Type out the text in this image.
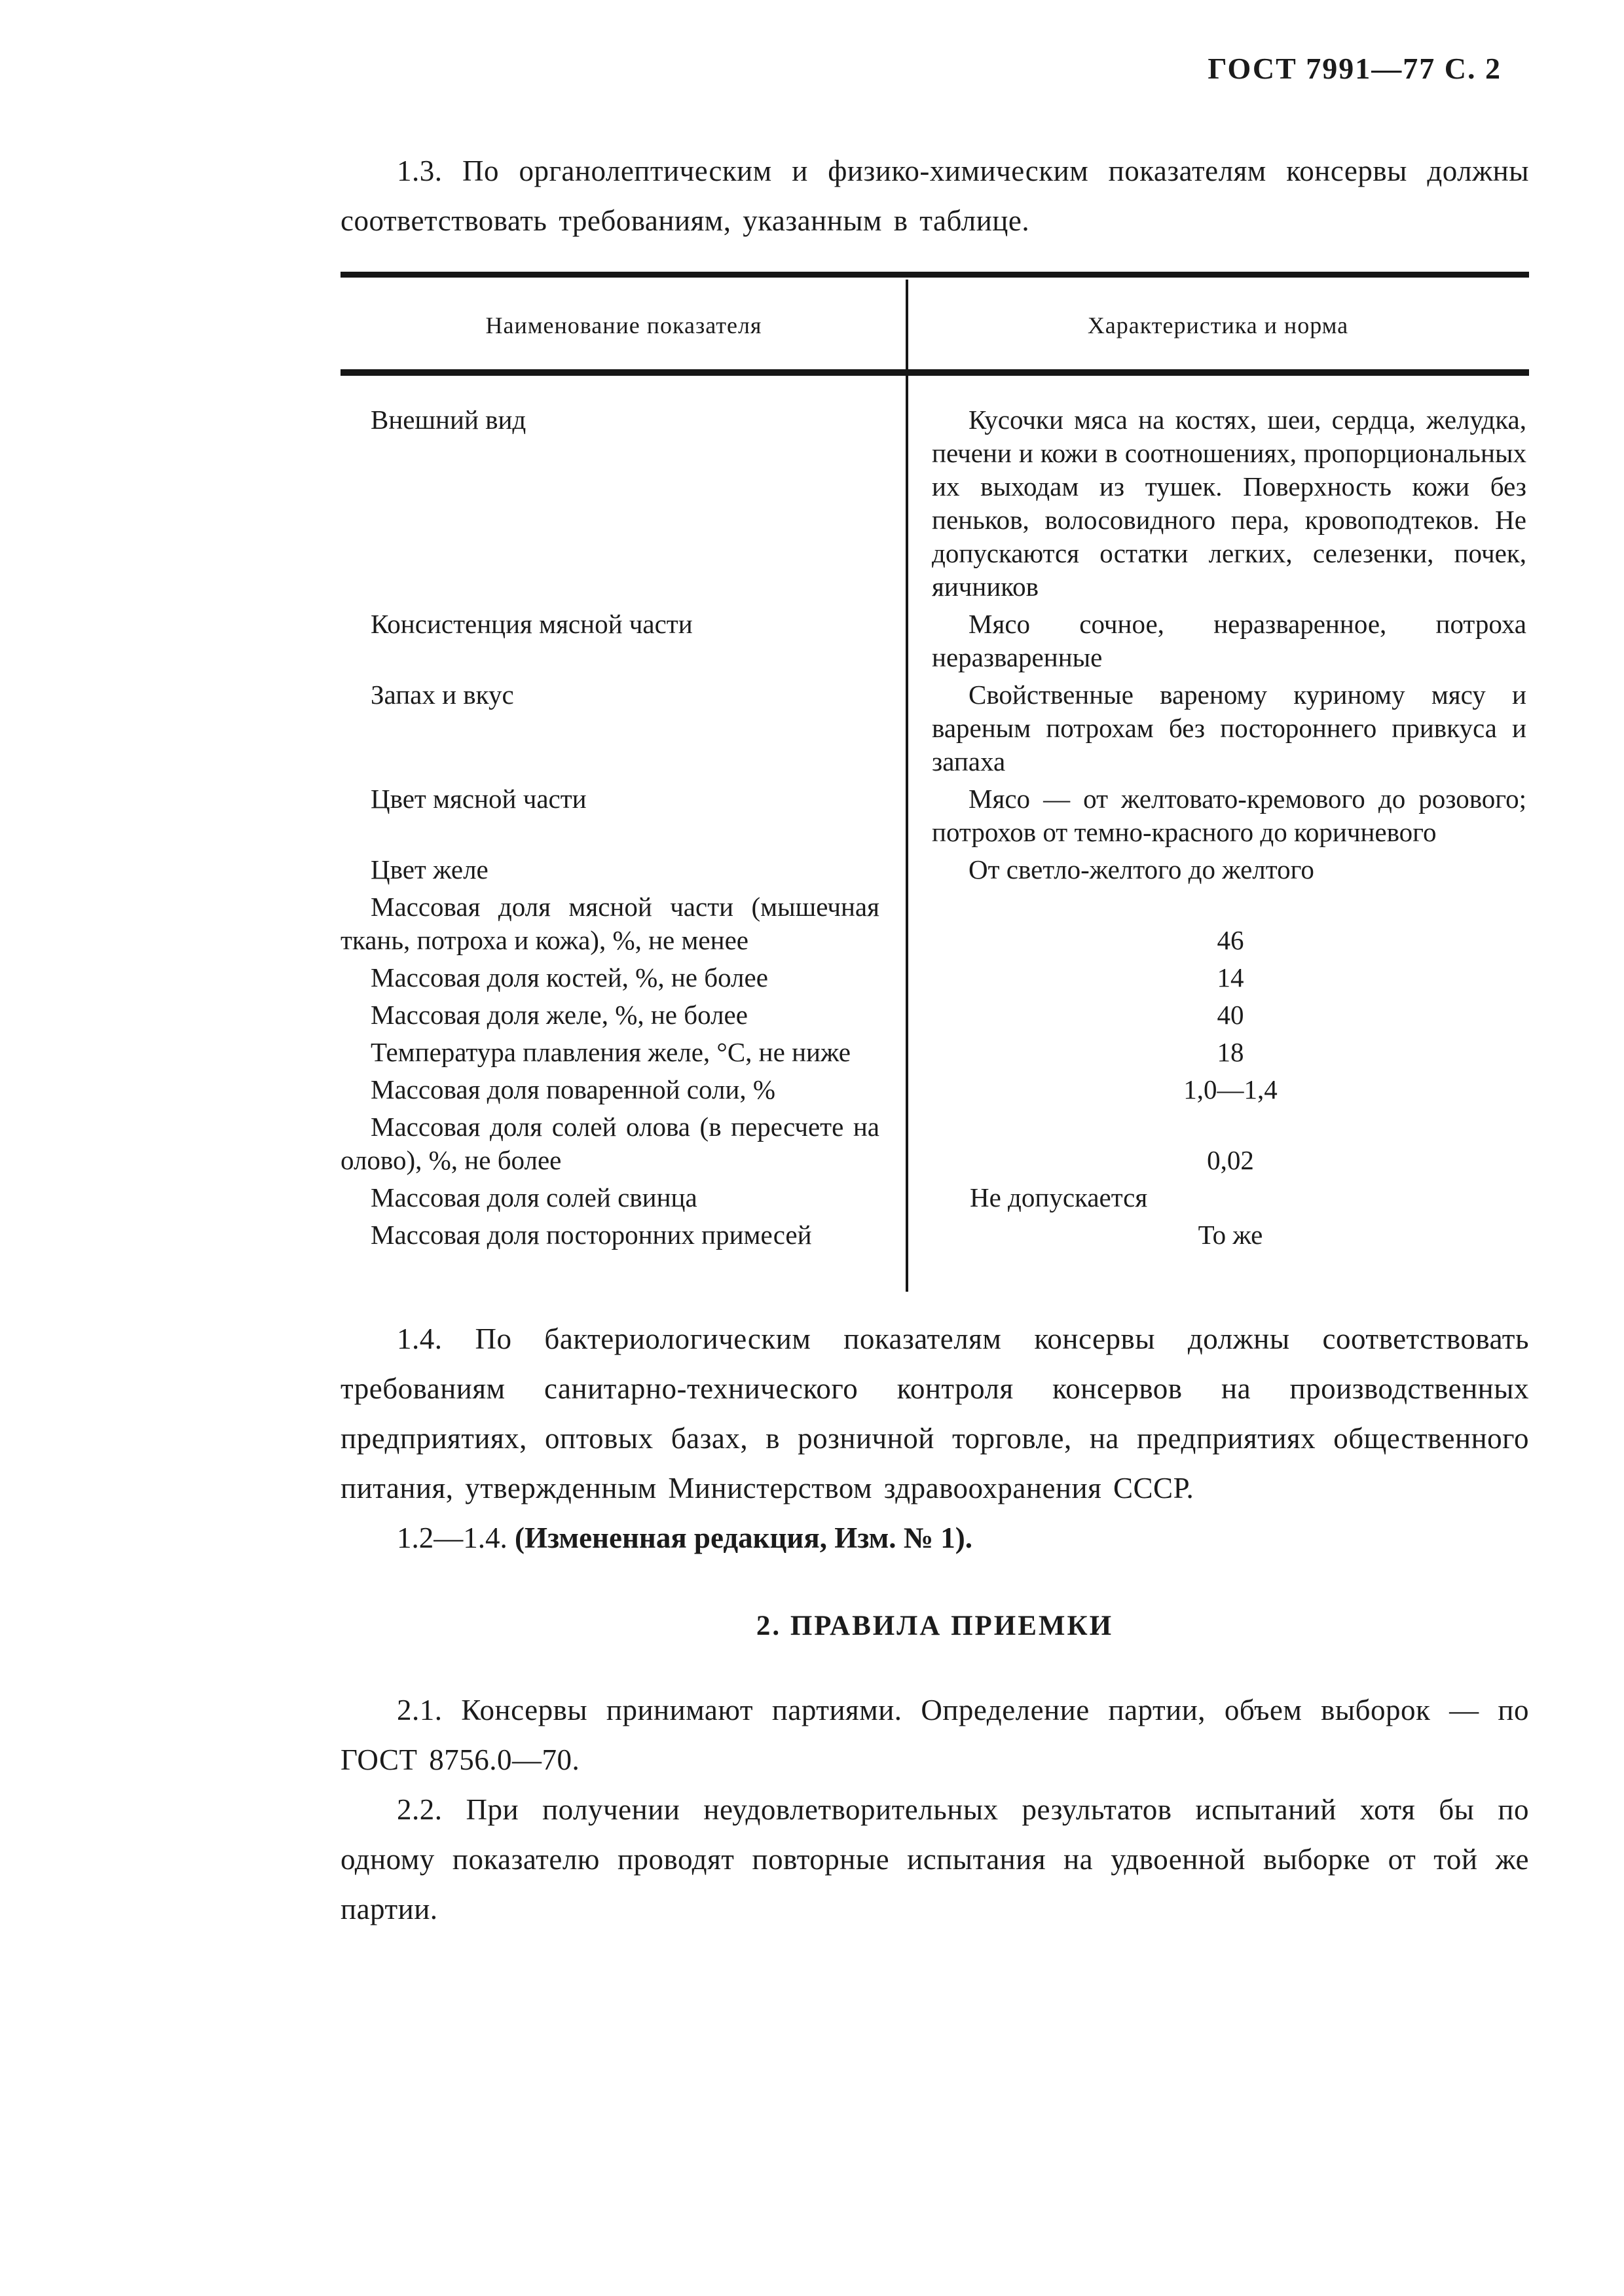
ГОСТ 7991—77 С. 2

1.3. По органолептическим и физико-химическим показателям консервы должны соответствовать требованиям, указанным в таблице.

Наименование показателя	Характеристика и норма
Внешний вид	Кусочки мяса на костях, шеи, сердца, желудка, печени и кожи в соотношениях, пропорциональных их выходам из тушек. Поверхность кожи без пеньков, волосовидного пера, кровоподтеков. Не допускаются остатки легких, селезенки, почек, яичников
Консистенция мясной части	Мясо сочное, неразваренное, потроха неразваренные
Запах и вкус	Свойственные вареному куриному мясу и вареным потрохам без постороннего привкуса и запаха
Цвет мясной части	Мясо — от желтовато-кремового до розового; потрохов от темно-красного до коричневого
Цвет желе	От светло-желтого до желтого
Массовая доля мясной части (мышечная ткань, потроха и кожа), %, не менее	46
Массовая доля костей, %, не более	14
Массовая доля желе, %, не более	40
Температура плавления желе, °С, не ниже	18
Массовая доля поваренной соли, %	1,0—1,4
Массовая доля солей олова (в пересчете на олово), %, не более	0,02
Массовая доля солей свинца	Не допускается
Массовая доля посторонних примесей	То же

1.4. По бактериологическим показателям консервы должны соответствовать требованиям санитарно-технического контроля консервов на производственных предприятиях, оптовых базах, в розничной торговле, на предприятиях общественного питания, утвержденным Министерством здравоохранения СССР.

1.2—1.4. (Измененная редакция, Изм. № 1).

2. ПРАВИЛА ПРИЕМКИ

2.1. Консервы принимают партиями. Определение партии, объем выборок — по ГОСТ 8756.0—70.

2.2. При получении неудовлетворительных результатов испытаний хотя бы по одному показателю проводят повторные испытания на удвоенной выборке от той же партии.
